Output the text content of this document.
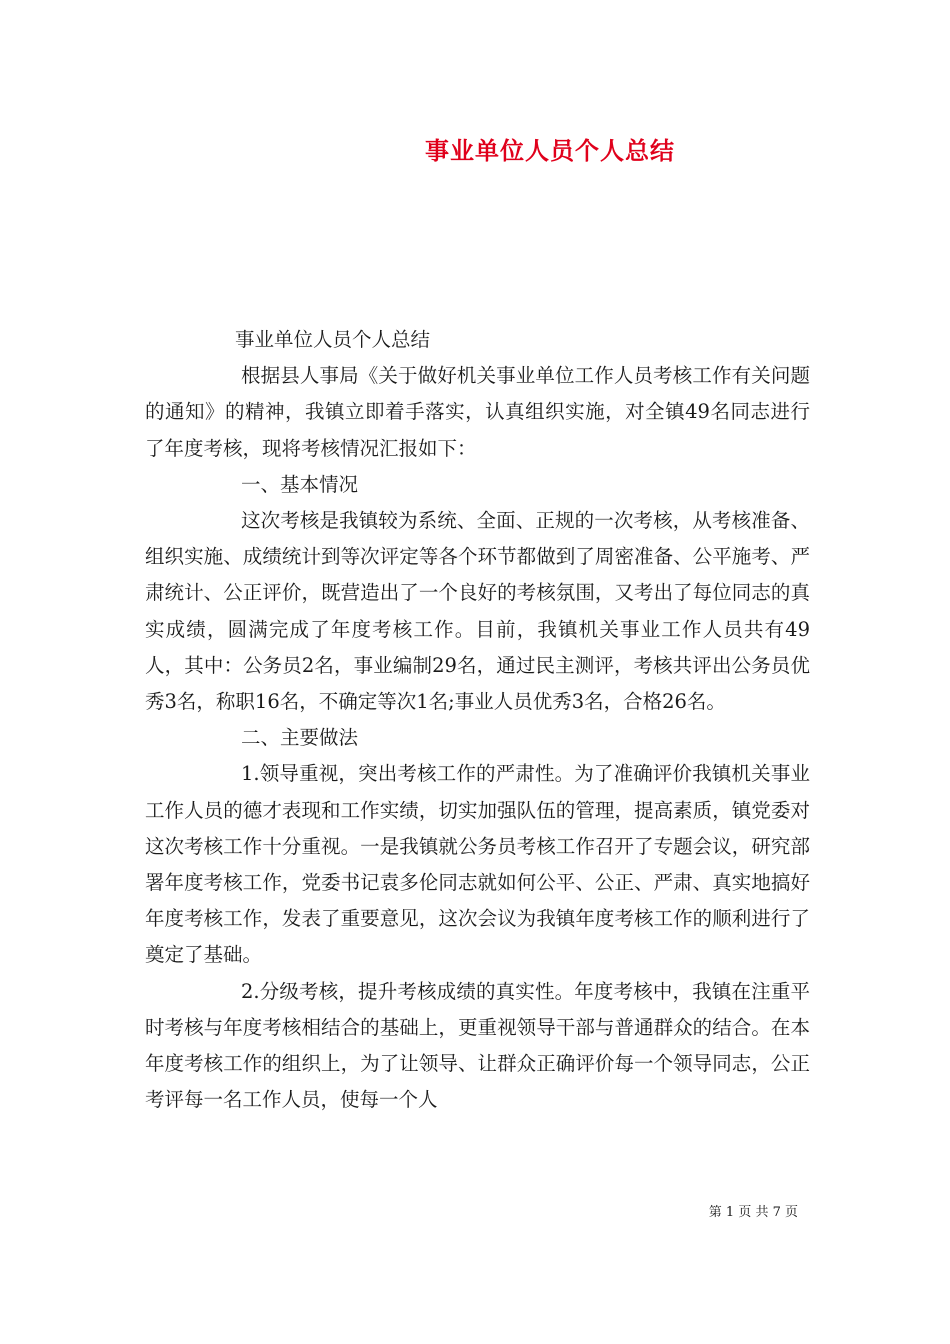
事业单位人员个人总结

事业单位人员个人总结

根据县人事局《关于做好机关事业单位工作人员考核工作有关问题的通知》的精神，我镇立即着手落实，认真组织实施，对全镇49名同志进行了年度考核，现将考核情况汇报如下：

一、基本情况

这次考核是我镇较为系统、全面、正规的一次考核，从考核准备、组织实施、成绩统计到等次评定等各个环节都做到了周密准备、公平施考、严肃统计、公正评价，既营造出了一个良好的考核氛围，又考出了每位同志的真实成绩，圆满完成了年度考核工作。目前，我镇机关事业工作人员共有49人，其中：公务员2名，事业编制29名，通过民主测评，考核共评出公务员优秀3名，称职16名，不确定等次1名;事业人员优秀3名，合格26名。

二、主要做法

1.领导重视，突出考核工作的严肃性。为了准确评价我镇机关事业工作人员的德才表现和工作实绩，切实加强队伍的管理，提高素质，镇党委对这次考核工作十分重视。一是我镇就公务员考核工作召开了专题会议，研究部署年度考核工作，党委书记袁多伦同志就如何公平、公正、严肃、真实地搞好年度考核工作，发表了重要意见，这次会议为我镇年度考核工作的顺利进行了奠定了基础。

2.分级考核，提升考核成绩的真实性。年度考核中，我镇在注重平时考核与年度考核相结合的基础上，更重视领导干部与普通群众的结合。在本年度考核工作的组织上，为了让领导、让群众正确评价每一个领导同志，公正考评每一名工作人员，使每一个人

第 1 页 共 7 页
